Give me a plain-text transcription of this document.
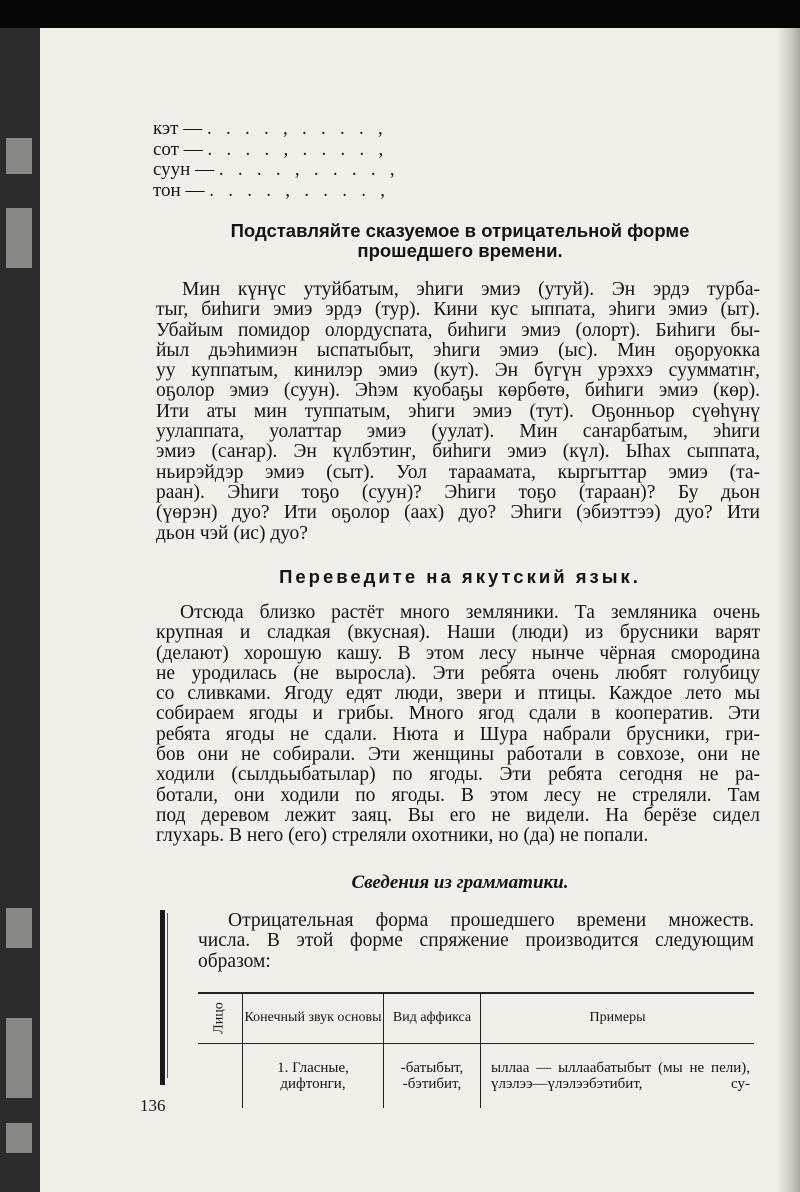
кэт — .   .   .   .   ,   .   .   .   .   ,
сот — .   .   .   .   ,   .   .   .   .   ,
суун — .   .   .   .   ,   .   .   .   .   ,
тон — .   .   .   .   ,   .   .   .   .   ,
Подставляйте сказуемое в отрицательной форме
прошедшего времени.
Мин күнүс утуйбатым, эhиги эмиэ (утуй). Эн эрдэ турба-
тыг, биhиги эмиэ эрдэ (тур). Кини кус ыппата, эhиги эмиэ (ыт).
Убайым помидор олордуспата, биhиги эмиэ (олорт). Биhиги бы-
йыл дьэhимиэн ыспатыбыт, эhиги эмиэ (ыс). Мин оҕоруокка
уу куппатым, кинилэр эмиэ (кут). Эн бүгүн урэххэ суумматıҥ,
оҕолор эмиэ (суун). Эhэм куобаҕы көрбөтө, биhиги эмиэ (көр).
Ити аты мин туппатым, эhиги эмиэ (тут). Оҕонньор сүөhүнү
уулаппата, уолаттар эмиэ (уулат). Мин саҥарбатым, эhиги
эмиэ (саҥар). Эн күлбэтиҥ, биhиги эмиэ (күл). Ыhах сыппата,
ньирэйдэр эмиэ (сыт). Уол тараамата, кыргыттар эмиэ (та-
раан). Эhиги тоҕо (суун)? Эhиги тоҕо (тараан)? Бу дьон
(үөрэн) дуо? Ити оҕолор (аах) дуо? Эhиги (эбиэттээ) дуо? Ити
дьон чэй (ис) дуо?
Переведите на якутский язык.
Отсюда близко растёт много земляники. Та земляника очень
крупная и сладкая (вкусная). Наши (люди) из брусники варят
(делают) хорошую кашу. В этом лесу нынче чёрная смородина
не уродилась (не выросла). Эти ребята очень любят голубицу
со сливками. Ягоду едят люди, звери и птицы. Каждое лето мы
собираем ягоды и грибы. Много ягод сдали в кооператив. Эти
ребята ягоды не сдали. Нюта и Шура набрали брусники, гри-
бов они не собирали. Эти женщины работали в совхозе, они не
ходили (сылдьыбатылар) по ягоды. Эти ребята сегодня не ра-
ботали, они ходили по ягоды. В этом лесу не стреляли. Там
под деревом лежит заяц. Вы его не видели. На берёзе сидел
глухарь. В него (его) стреляли охотники, но (да) не попали.
Сведения из грамматики.
Отрицательная форма прошедшего времени множеств.
числа. В этой форме спряжение производится следующим
образом:
Лицо	Конечный звук основы	Вид аффикса	Примеры
	1. Гласные, дифтонги,	-батыбыт, -бэтибит,	ыллаа — ыллаабатыбыт (мы не пели), үлэлээ—үлэлээбэтибит, су-
136
